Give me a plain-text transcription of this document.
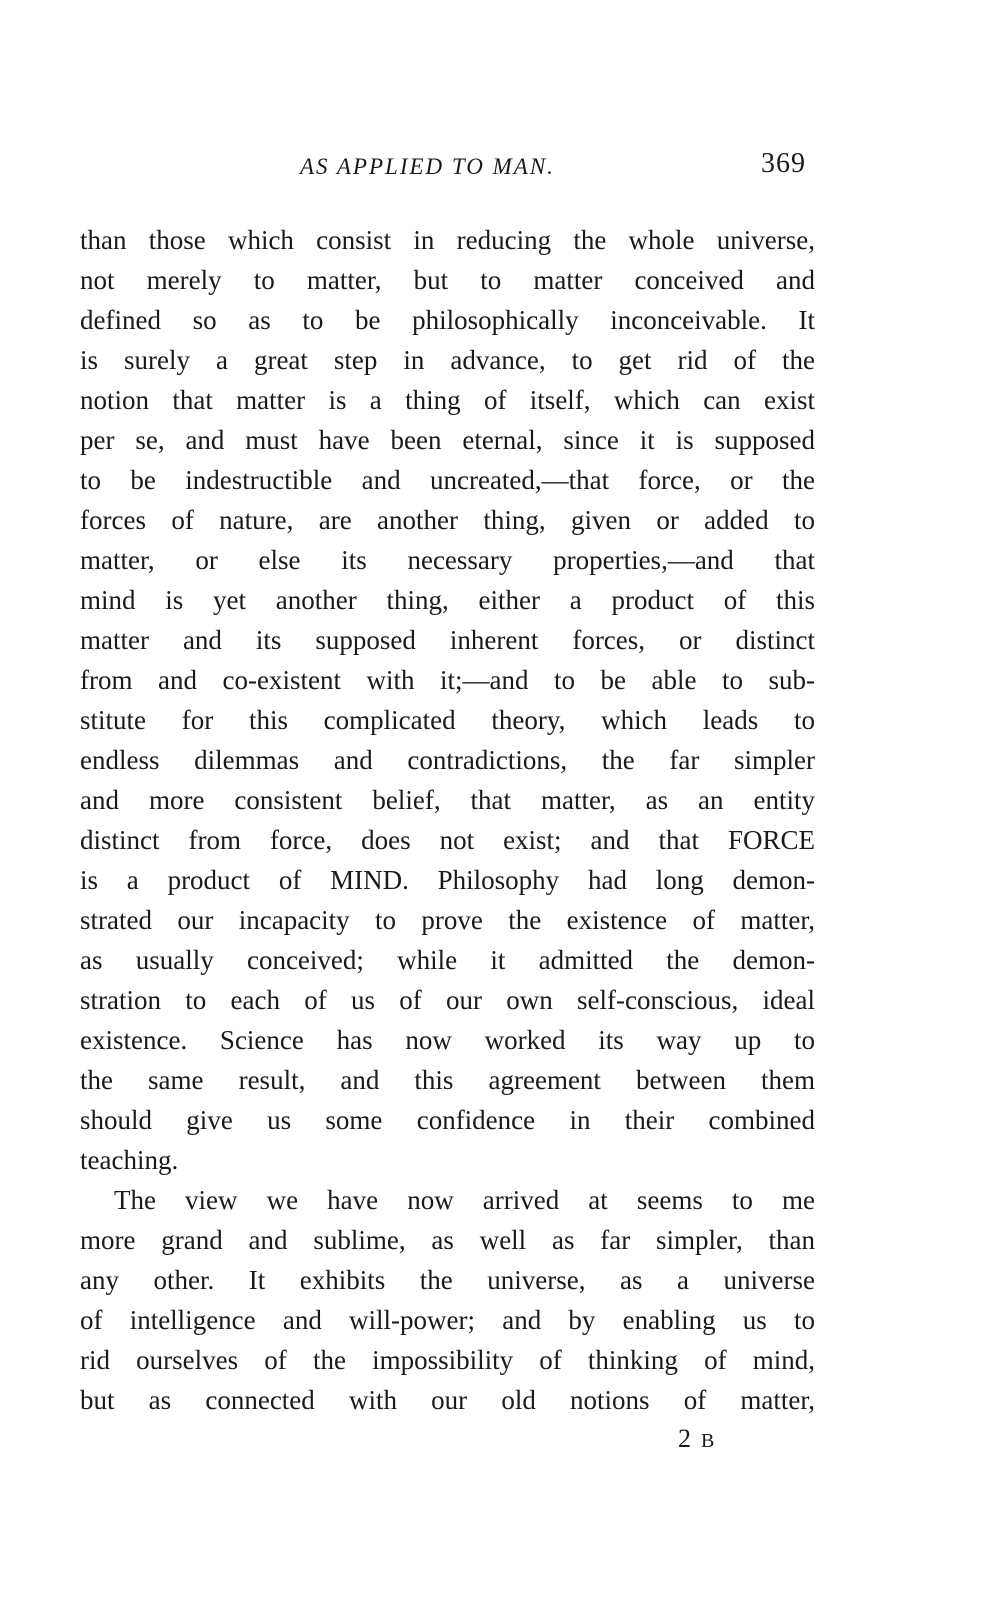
AS APPLIED TO MAN.	369
than those which consist in reducing the whole universe,
not merely to matter, but to matter conceived and
defined so as to be philosophically inconceivable. It
is surely a great step in advance, to get rid of the
notion that matter is a thing of itself, which can exist
per se, and must have been eternal, since it is supposed
to be indestructible and uncreated,—that force, or the
forces of nature, are another thing, given or added to
matter, or else its necessary properties,—and that
mind is yet another thing, either a product of this
matter and its supposed inherent forces, or distinct
from and co-existent with it;—and to be able to sub-
stitute for this complicated theory, which leads to
endless dilemmas and contradictions, the far simpler
and more consistent belief, that matter, as an entity
distinct from force, does not exist; and that FORCE
is a product of MIND. Philosophy had long demon-
strated our incapacity to prove the existence of matter,
as usually conceived; while it admitted the demon-
stration to each of us of our own self-conscious, ideal
existence. Science has now worked its way up to
the same result, and this agreement between them
should give us some confidence in their combined
teaching.
The view we have now arrived at seems to me
more grand and sublime, as well as far simpler, than
any other. It exhibits the universe, as a universe
of intelligence and will-power; and by enabling us to
rid ourselves of the impossibility of thinking of mind,
but as connected with our old notions of matter,
2 B
